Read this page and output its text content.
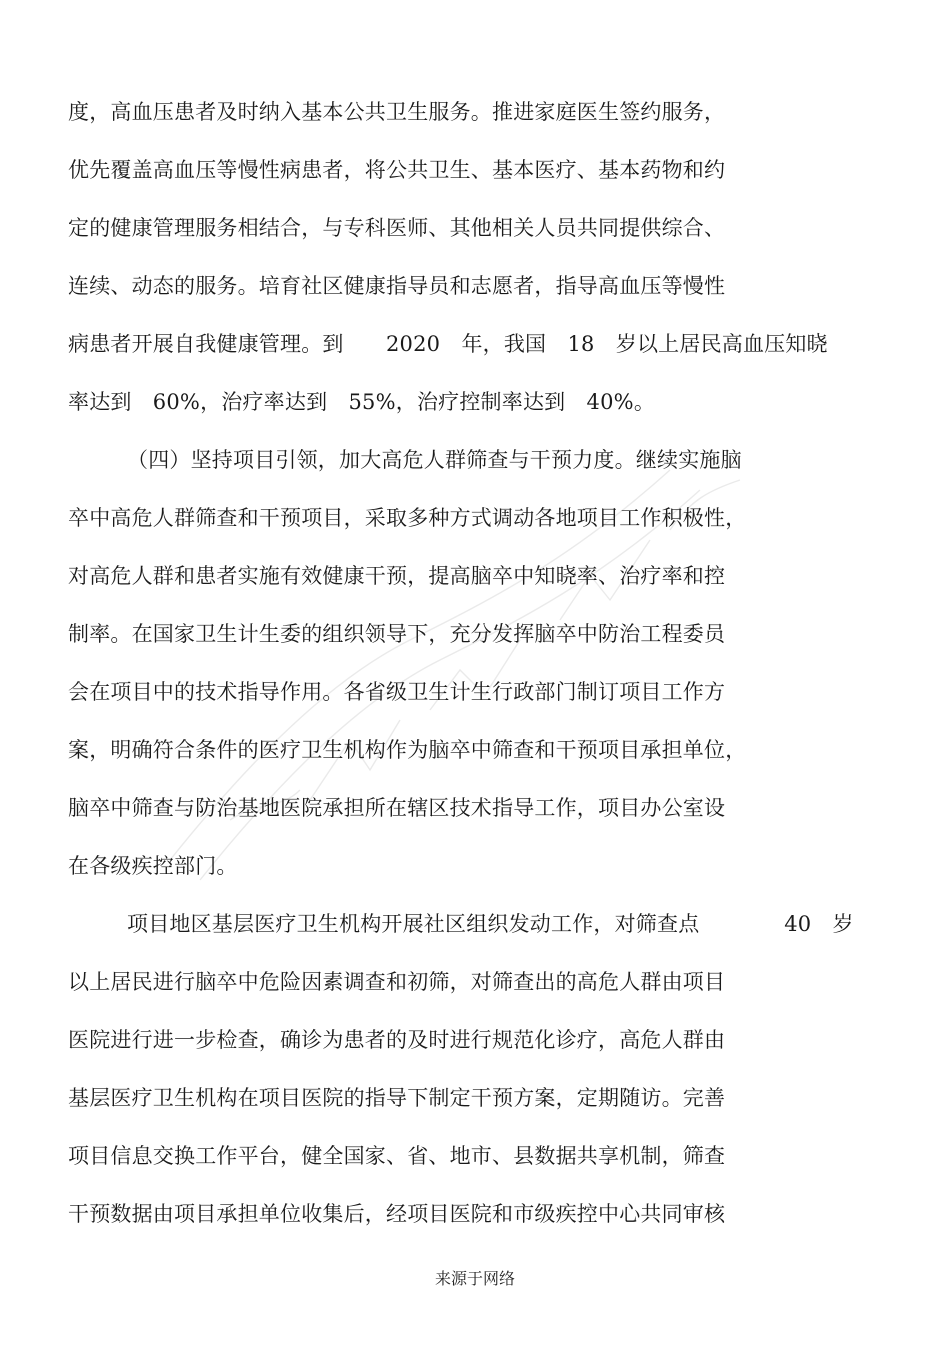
度，高血压患者及时纳入基本公共卫生服务。推进家庭医生签约服务，
优先覆盖高血压等慢性病患者，将公共卫生、基本医疗、基本药物和约
定的健康管理服务相结合，与专科医师、其他相关人员共同提供综合、
连续、动态的服务。培育社区健康指导员和志愿者，指导高血压等慢性
病患者开展自我健康管理。到　　2020　年，我国　18　岁以上居民高血压知晓
率达到　60%，治疗率达到　55%，治疗控制率达到　40%。
（四）坚持项目引领，加大高危人群筛查与干预力度。继续实施脑
卒中高危人群筛查和干预项目，采取多种方式调动各地项目工作积极性，
对高危人群和患者实施有效健康干预，提高脑卒中知晓率、治疗率和控
制率。在国家卫生计生委的组织领导下，充分发挥脑卒中防治工程委员
会在项目中的技术指导作用。各省级卫生计生行政部门制订项目工作方
案，明确符合条件的医疗卫生机构作为脑卒中筛查和干预项目承担单位，
脑卒中筛查与防治基地医院承担所在辖区技术指导工作，项目办公室设
在各级疾控部门。
项目地区基层医疗卫生机构开展社区组织发动工作，对筛查点　　　　40　岁
以上居民进行脑卒中危险因素调查和初筛，对筛查出的高危人群由项目
医院进行进一步检查，确诊为患者的及时进行规范化诊疗，高危人群由
基层医疗卫生机构在项目医院的指导下制定干预方案，定期随访。完善
项目信息交换工作平台，健全国家、省、地市、县数据共享机制，筛查
干预数据由项目承担单位收集后，经项目医院和市级疾控中心共同审核
来源于网络
